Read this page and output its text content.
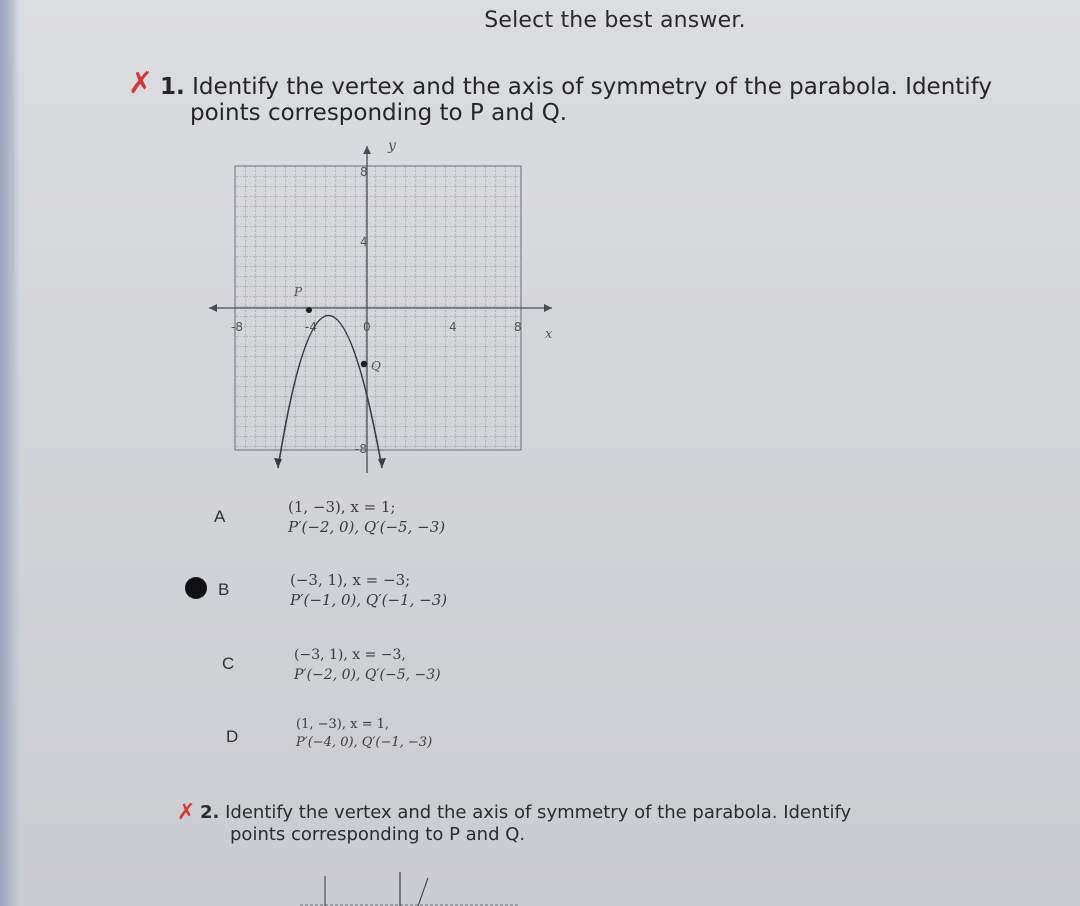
Select the best answer.
✗ 1. Identify the vertex and the axis of symmetry of the parabola. Identify
points corresponding to P and Q.
y
x
8
4
-8
-8	-4	0	4	8
P
Q
A	(1, −3), x = 1;
P′(−2, 0), Q′(−5, −3)
B	(−3, 1), x = −3;
P′(−1, 0), Q′(−1, −3)
C	(−3, 1), x = −3,
P′(−2, 0), Q′(−5, −3)
D
(1, −3), x = 1,
P′(−4, 0), Q′(−1, −3)
✗ 2. Identify the vertex and the axis of symmetry of the parabola. Identify
points corresponding to P and Q.
